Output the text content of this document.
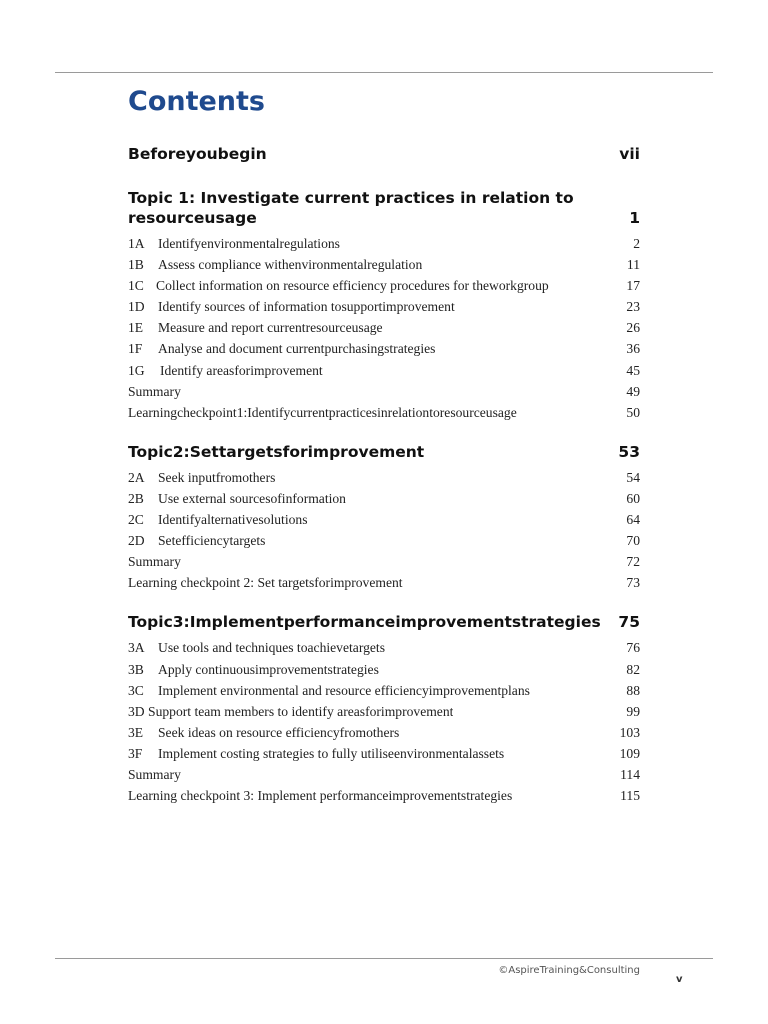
Contents
Beforeyoubegin	vii
Topic 1: Investigate current practices in relation to
resourceusage	1
1A Identifyenvironmentalregulations	2
1B Assess compliance withenvironmentalregulation	11
1C Collect information on resource efficiency procedures for theworkgroup	17
1D Identify sources of information tosupportimprovement	23
1E Measure and report currentresourceusage	26
1F Analyse and document currentpurchasingstrategies	36
1G Identify areasforimprovement	45
Summary	49
Learningcheckpoint1:Identifycurrentpracticesinrelationtoresourceusage	50
Topic2:Settargetsforimprovement	53
2A Seek inputfromothers	54
2B Use external sourcesofinformation	60
2C Identifyalternativesolutions	64
2D Setefficiencytargets	70
Summary	72
Learning checkpoint 2: Set targetsforimprovement	73
Topic3:Implementperformanceimprovementstrategies	75
3A Use tools and techniques toachievetargets	76
3B Apply continuousimprovementstrategies	82
3C Implement environmental and resource efficiencyimprovementplans	88
3D Support team members to identify areasforimprovement	99
3E Seek ideas on resource efficiencyfromothers	103
3F Implement costing strategies to fully utiliseenvironmentalassets	109
Summary	114
Learning checkpoint 3: Implement performanceimprovementstrategies	115
©AspireTraining&Consulting
v
